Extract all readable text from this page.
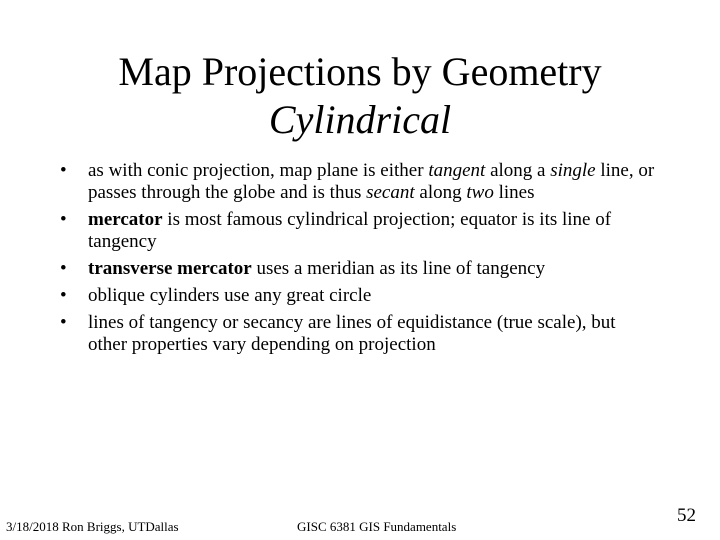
Map Projections by Geometry
Cylindrical
• as with conic projection, map plane is either tangent along a single line, or passes through the globe and is thus secant along two lines
• mercator is most famous cylindrical projection; equator is its line of tangency
• transverse mercator uses a meridian as its line of tangency
• oblique cylinders use any great circle
• lines of tangency or secancy are lines of equidistance (true scale), but other properties vary depending on projection
3/18/2018 Ron Briggs, UTDallas	GISC 6381 GIS Fundamentals
52
